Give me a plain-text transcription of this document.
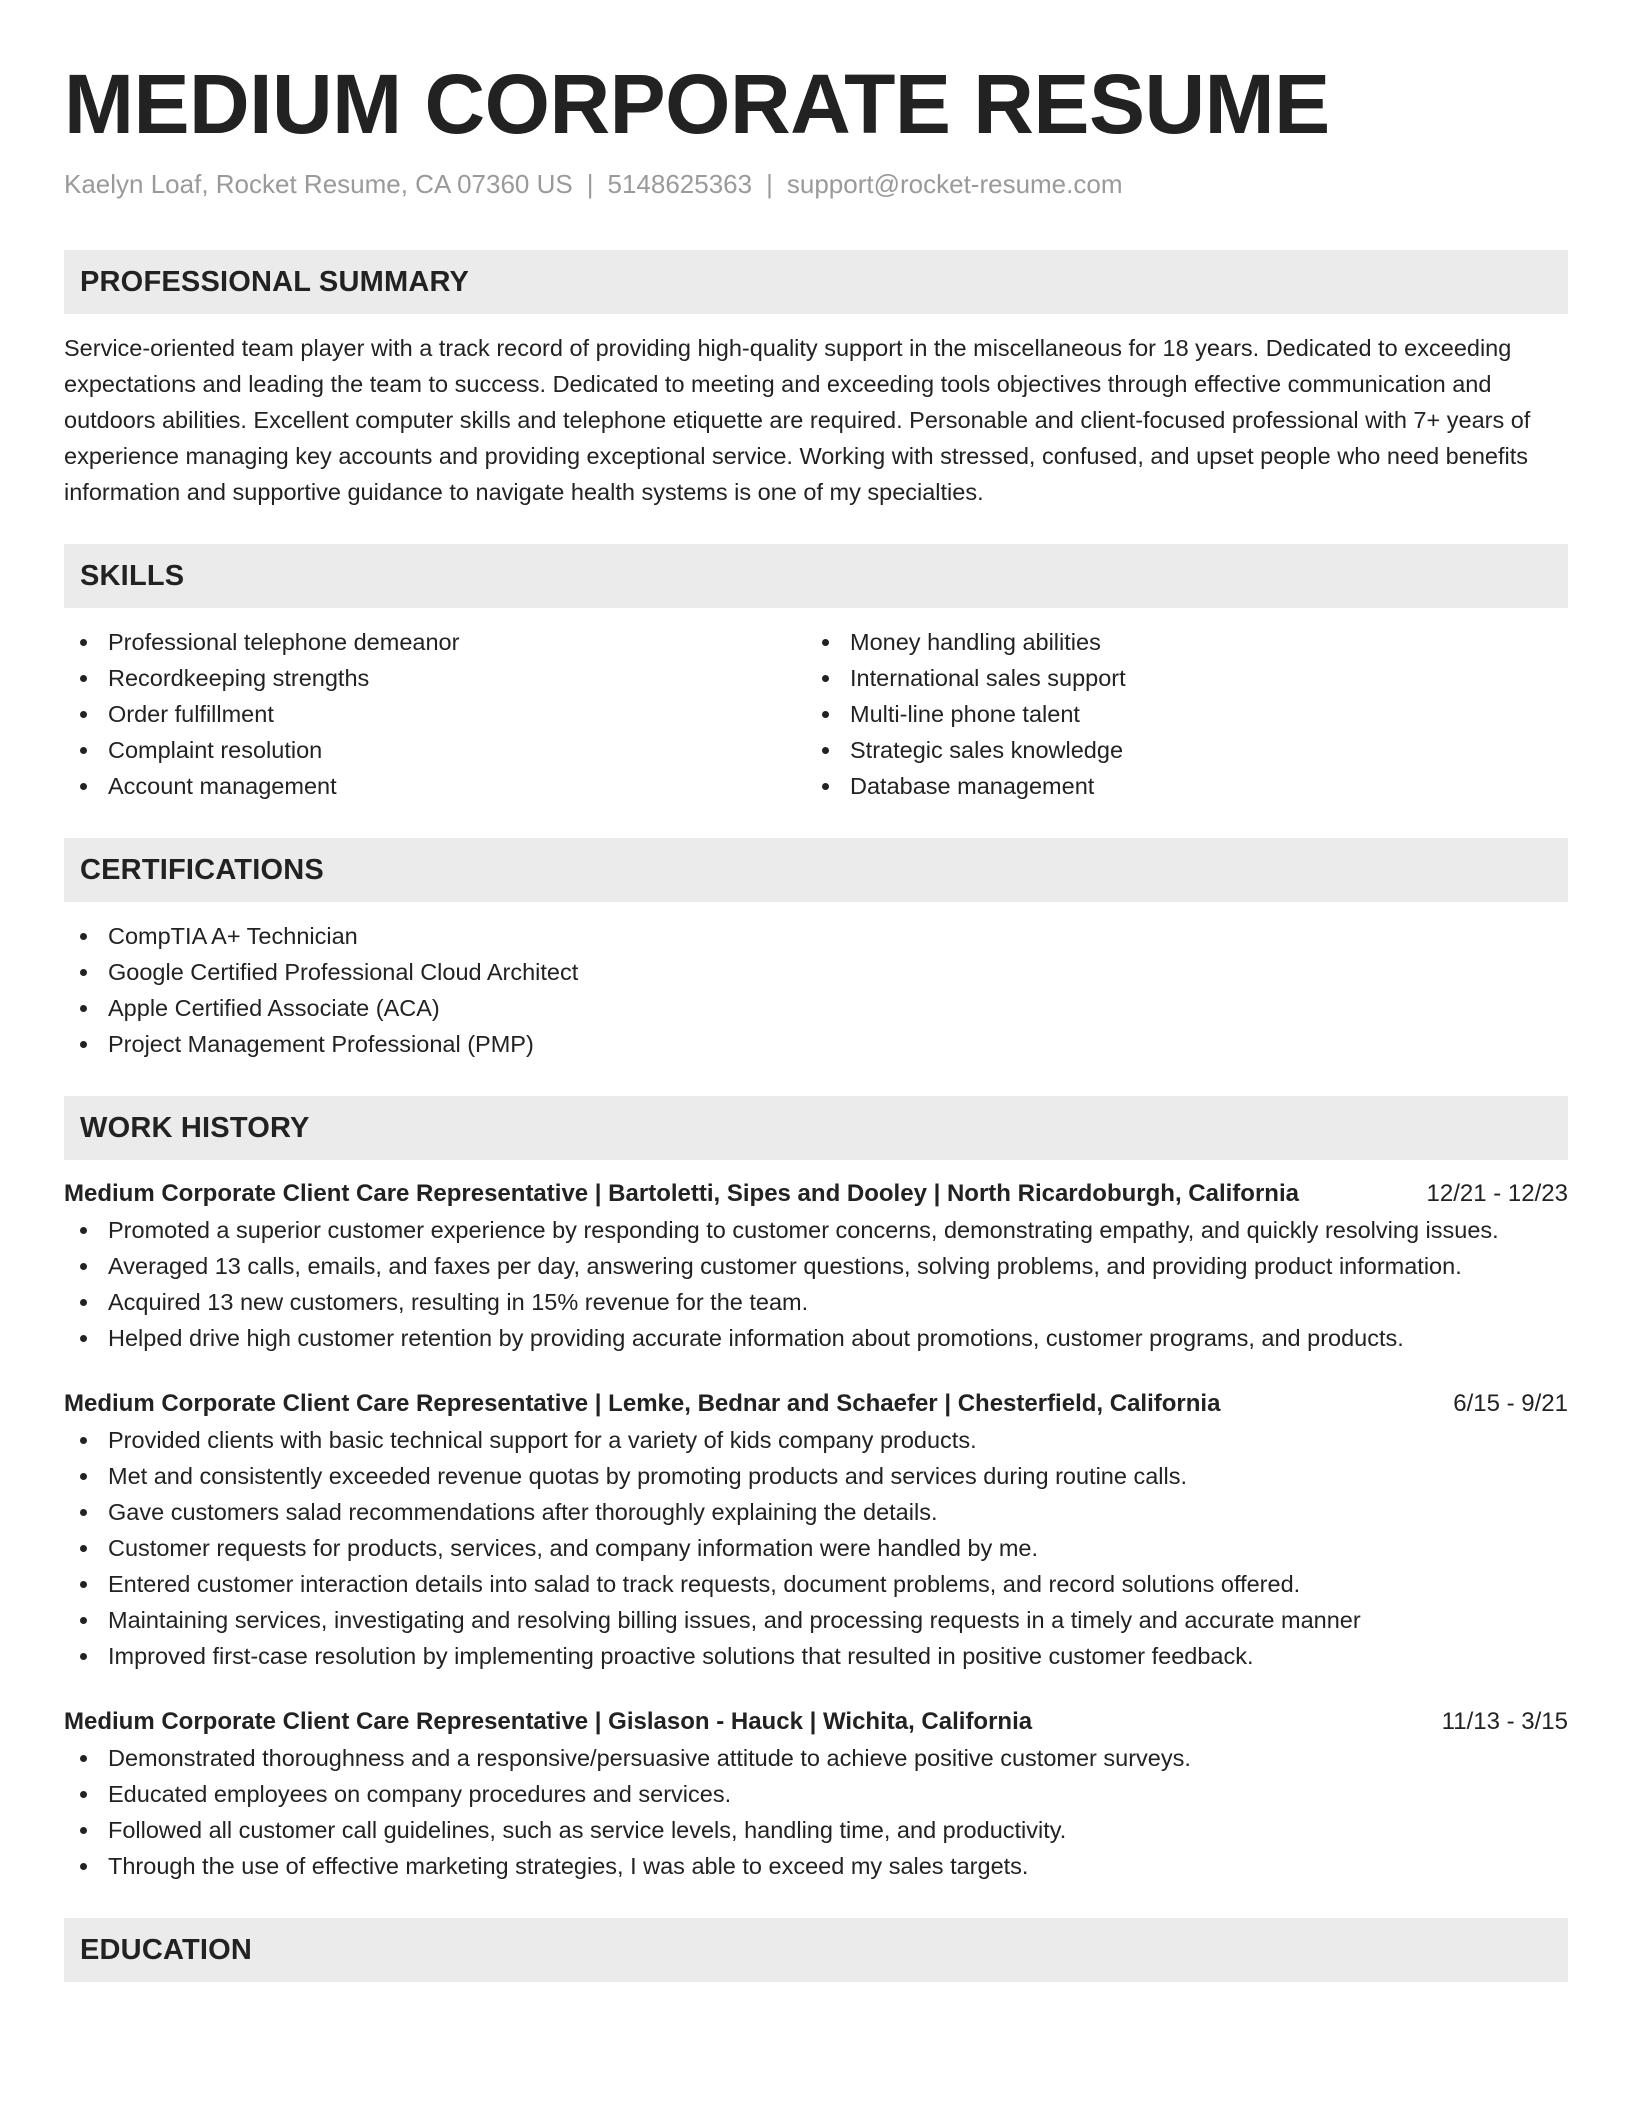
MEDIUM CORPORATE RESUME
Kaelyn Loaf, Rocket Resume, CA 07360 US | 5148625363 | support@rocket-resume.com
PROFESSIONAL SUMMARY

Service-oriented team player with a track record of providing high-quality support in the miscellaneous for 18 years. Dedicated to exceeding expectations and leading the team to success. Dedicated to meeting and exceeding tools objectives through effective communication and outdoors abilities. Excellent computer skills and telephone etiquette are required. Personable and client-focused professional with 7+ years of experience managing key accounts and providing exceptional service. Working with stressed, confused, and upset people who need benefits information and supportive guidance to navigate health systems is one of my specialties.

SKILLS
Professional telephone demeanor
Recordkeeping strengths
Order fulfillment
Complaint resolution
Account management
Money handling abilities
International sales support
Multi-line phone talent
Strategic sales knowledge
Database management
CERTIFICATIONS
CompTIA A+ Technician
Google Certified Professional Cloud Architect
Apple Certified Associate (ACA)
Project Management Professional (PMP)
WORK HISTORY
Medium Corporate Client Care Representative | Bartoletti, Sipes and Dooley | North Ricardoburgh, California	12/21 - 12/23
Promoted a superior customer experience by responding to customer concerns, demonstrating empathy, and quickly resolving issues.
Averaged 13 calls, emails, and faxes per day, answering customer questions, solving problems, and providing product information.
Acquired 13 new customers, resulting in 15% revenue for the team.
Helped drive high customer retention by providing accurate information about promotions, customer programs, and products.
Medium Corporate Client Care Representative | Lemke, Bednar and Schaefer | Chesterfield, California	6/15 - 9/21
Provided clients with basic technical support for a variety of kids company products.
Met and consistently exceeded revenue quotas by promoting products and services during routine calls.
Gave customers salad recommendations after thoroughly explaining the details.
Customer requests for products, services, and company information were handled by me.
Entered customer interaction details into salad to track requests, document problems, and record solutions offered.
Maintaining services, investigating and resolving billing issues, and processing requests in a timely and accurate manner
Improved first-case resolution by implementing proactive solutions that resulted in positive customer feedback.
Medium Corporate Client Care Representative | Gislason - Hauck | Wichita, California	11/13 - 3/15
Demonstrated thoroughness and a responsive/persuasive attitude to achieve positive customer surveys.
Educated employees on company procedures and services.
Followed all customer call guidelines, such as service levels, handling time, and productivity.
Through the use of effective marketing strategies, I was able to exceed my sales targets.
EDUCATION
